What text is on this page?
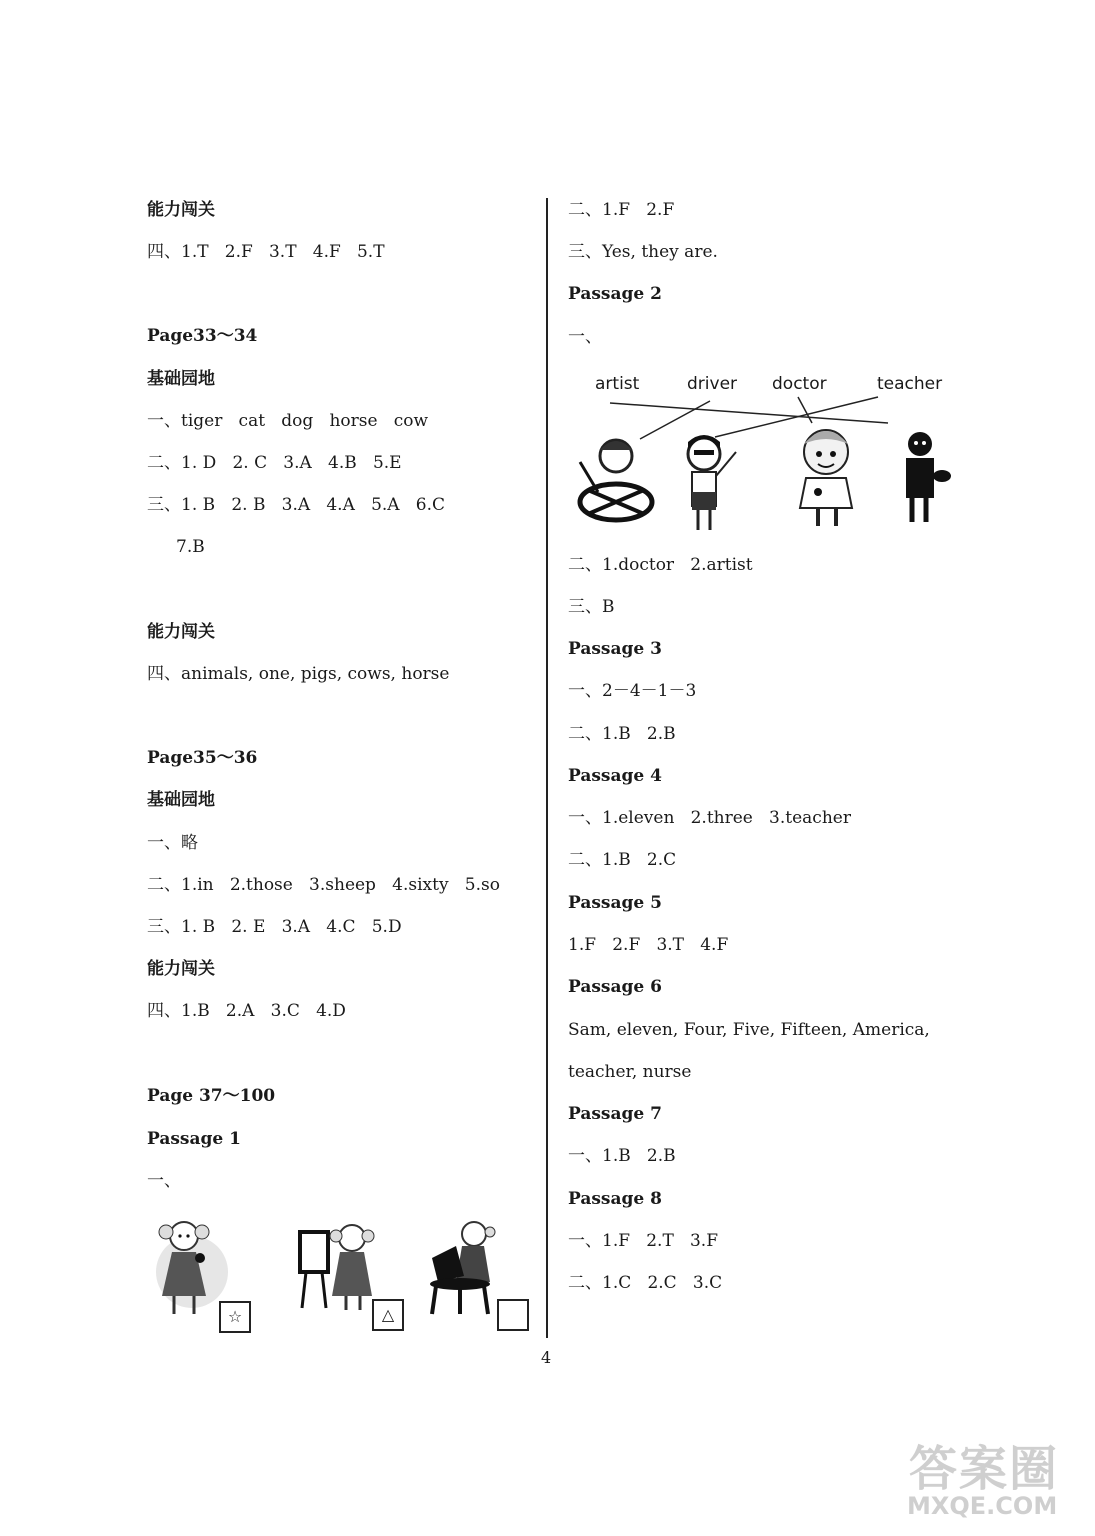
能力闯关
四、1.T   2.F   3.T   4.F   5.T
Page33～34
基础园地
一、tiger   cat   dog   horse   cow
二、1. D   2. C   3.A   4.B   5.E
三、1. B   2. B   3.A   4.A   5.A   6.C
7.B
能力闯关
四、animals, one, pigs, cows, horse
Page35～36
基础园地
一、略
二、1.in   2.those   3.sheep   4.sixty   5.so
三、1. B   2. E   3.A   4.C   5.D
能力闯关
四、1.B   2.A   3.C   4.D
Page 37～100
Passage 1
一、
☆	△
二、1.F   2.F
三、Yes, they are.
Passage 2
一、
artist	driver doctor	teacher
二、1.doctor   2.artist
三、B
Passage 3
一、2－4－1－3
二、1.B   2.B
Passage 4
一、1.eleven   2.three   3.teacher
二、1.B   2.C
Passage 5
1.F   2.F   3.T   4.F
Passage 6
Sam, eleven, Four, Five, Fifteen, America,
teacher, nurse
Passage 7
一、1.B   2.B
Passage 8
一、1.F   2.T   3.F
二、1.C   2.C   3.C
4
答案圈
MXQE.COM
